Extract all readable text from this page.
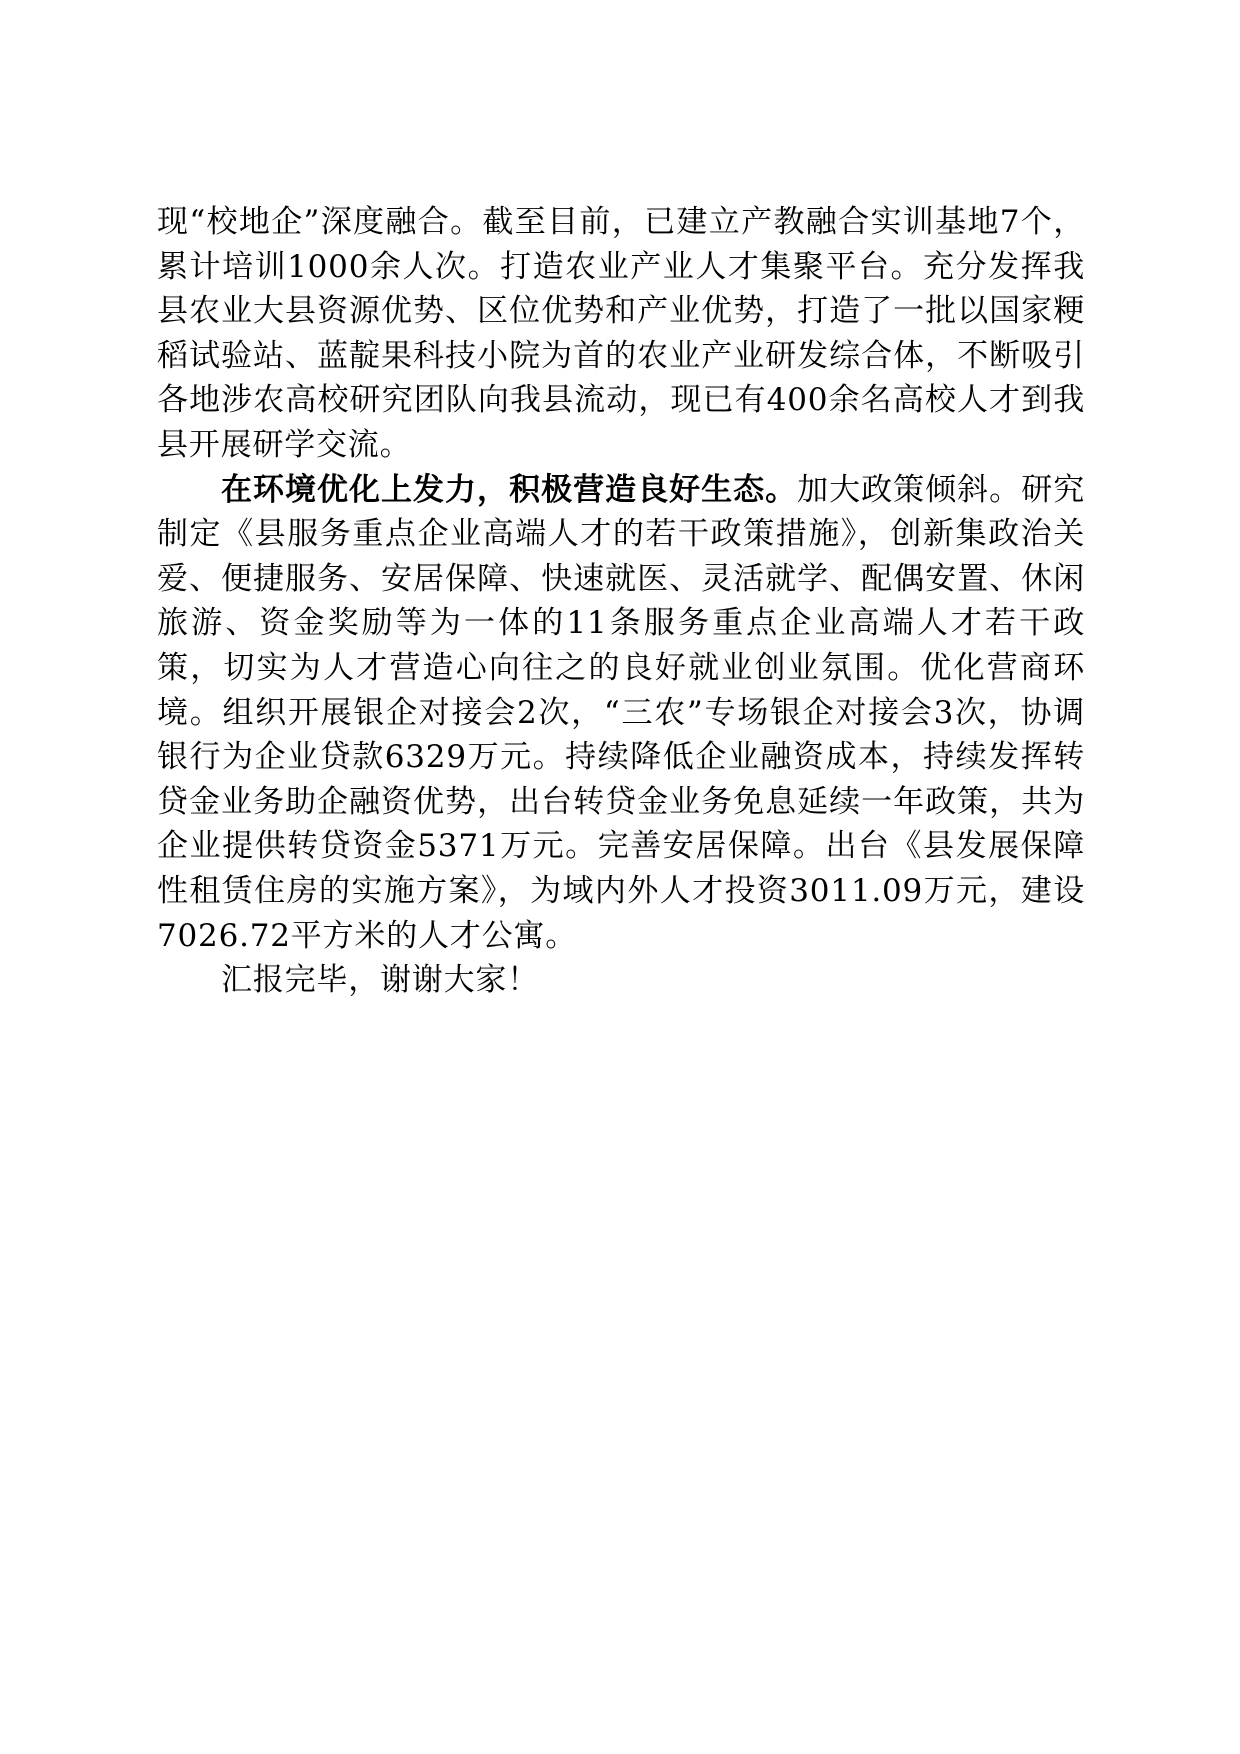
现“校地企”深度融合。截至目前，已建立产教融合实训基地7个，累计培训1000余人次。打造农业产业人才集聚平台。充分发挥我县农业大县资源优势、区位优势和产业优势，打造了一批以国家粳稻试验站、蓝靛果科技小院为首的农业产业研发综合体，不断吸引各地涉农高校研究团队向我县流动，现已有400余名高校人才到我县开展研学交流。

在环境优化上发力，积极营造良好生态。加大政策倾斜。研究制定《县服务重点企业高端人才的若干政策措施》，创新集政治关爱、便捷服务、安居保障、快速就医、灵活就学、配偶安置、休闲旅游、资金奖励等为一体的11条服务重点企业高端人才若干政策，切实为人才营造心向往之的良好就业创业氛围。优化营商环境。组织开展银企对接会2次，“三农”专场银企对接会3次，协调银行为企业贷款6329万元。持续降低企业融资成本，持续发挥转贷金业务助企融资优势，出台转贷金业务免息延续一年政策，共为企业提供转贷资金5371万元。完善安居保障。出台《县发展保障性租赁住房的实施方案》，为域内外人才投资3011.09万元，建设7026.72平方米的人才公寓。

汇报完毕，谢谢大家！
